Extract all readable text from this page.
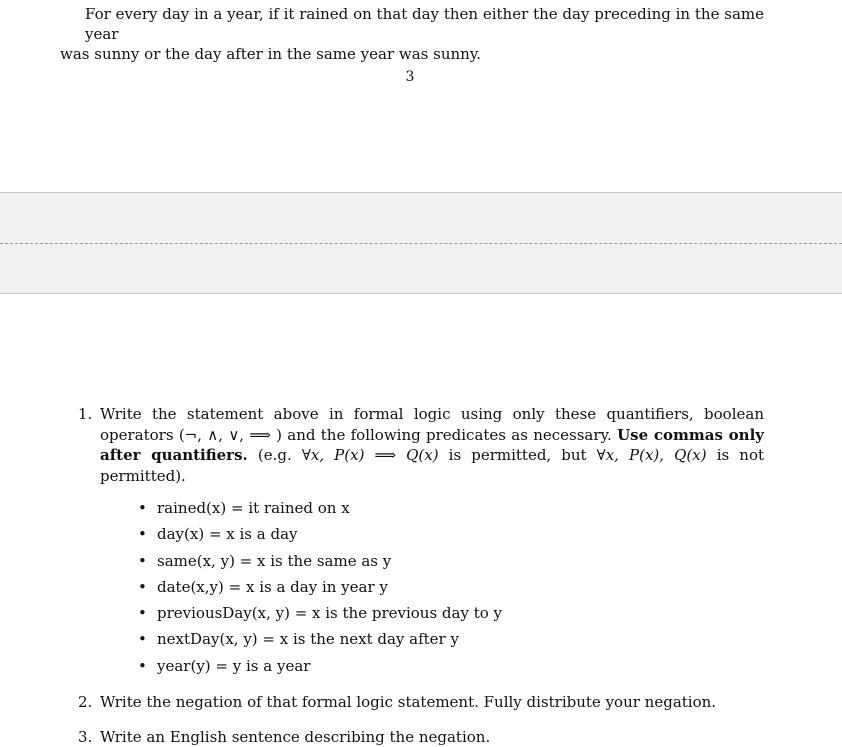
For every day in a year, if it rained on that day then either the day preceding in the same year
was sunny or the day after in the same year was sunny.
3
1. Write the statement above in formal logic using only these quantifiers, boolean operators (¬, ∧, ∨, ⟹ ) and the following predicates as necessary. Use commas only after quantifiers. (e.g. ∀x, P(x) ⟹ Q(x) is permitted, but ∀x, P(x), Q(x) is not permitted).
• rained(x) = it rained on x
• day(x) = x is a day
• same(x, y) = x is the same as y
• date(x,y) = x is a day in year y
• previousDay(x, y) = x is the previous day to y
• nextDay(x, y) = x is the next day after y
• year(y) = y is a year
2. Write the negation of that formal logic statement. Fully distribute your negation.
3. Write an English sentence describing the negation.
